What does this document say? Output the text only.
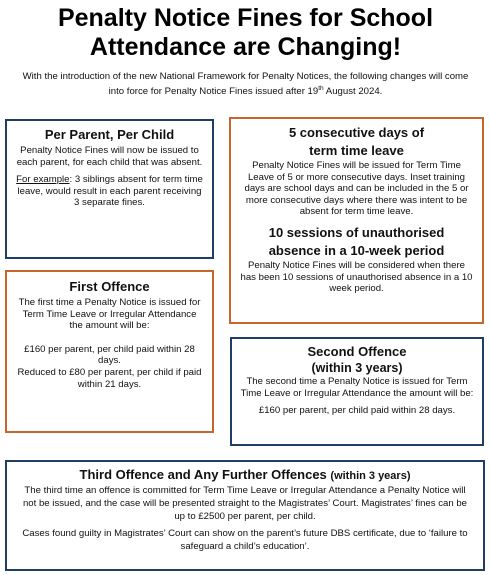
Penalty Notice Fines for School
Attendance are Changing!
With the introduction of the new National Framework for Penalty Notices, the following changes will come into force for Penalty Notice Fines issued after 19th August 2024.
Per Parent, Per Child

Penalty Notice Fines will now be issued to each parent, for each child that was absent.

For example: 3 siblings absent for term time leave, would result in each parent receiving 3 separate fines.

5 consecutive days of
term time leave

Penalty Notice Fines will be issued for Term Time Leave of 5 or more consecutive days. Inset training days are school days and can be included in the 5 or more consecutive days where there was intent to be absent for term time leave.

10 sessions of unauthorised
absence in a 10-week period

Penalty Notice Fines will be considered when there has been 10 sessions of unauthorised absence in a 10 week period.

First Offence

The first time a Penalty Notice is issued for Term Time Leave or Irregular Attendance the amount will be:

£160 per parent, per child paid within 28 days.

Reduced to £80 per parent, per child if paid within 21 days.

Second Offence
(within 3 years)

The second time a Penalty Notice is issued for Term Time Leave or Irregular Attendance the amount will be:

£160 per parent, per child paid within 28 days.

Third Offence and Any Further Offences (within 3 years)

The third time an offence is committed for Term Time Leave or Irregular Attendance a Penalty Notice will not be issued, and the case will be presented straight to the Magistrates’ Court. Magistrates’ fines can be up to £2500 per parent, per child.

Cases found guilty in Magistrates’ Court can show on the parent’s future DBS certificate, due to ‘failure to safeguard a child’s education’.
